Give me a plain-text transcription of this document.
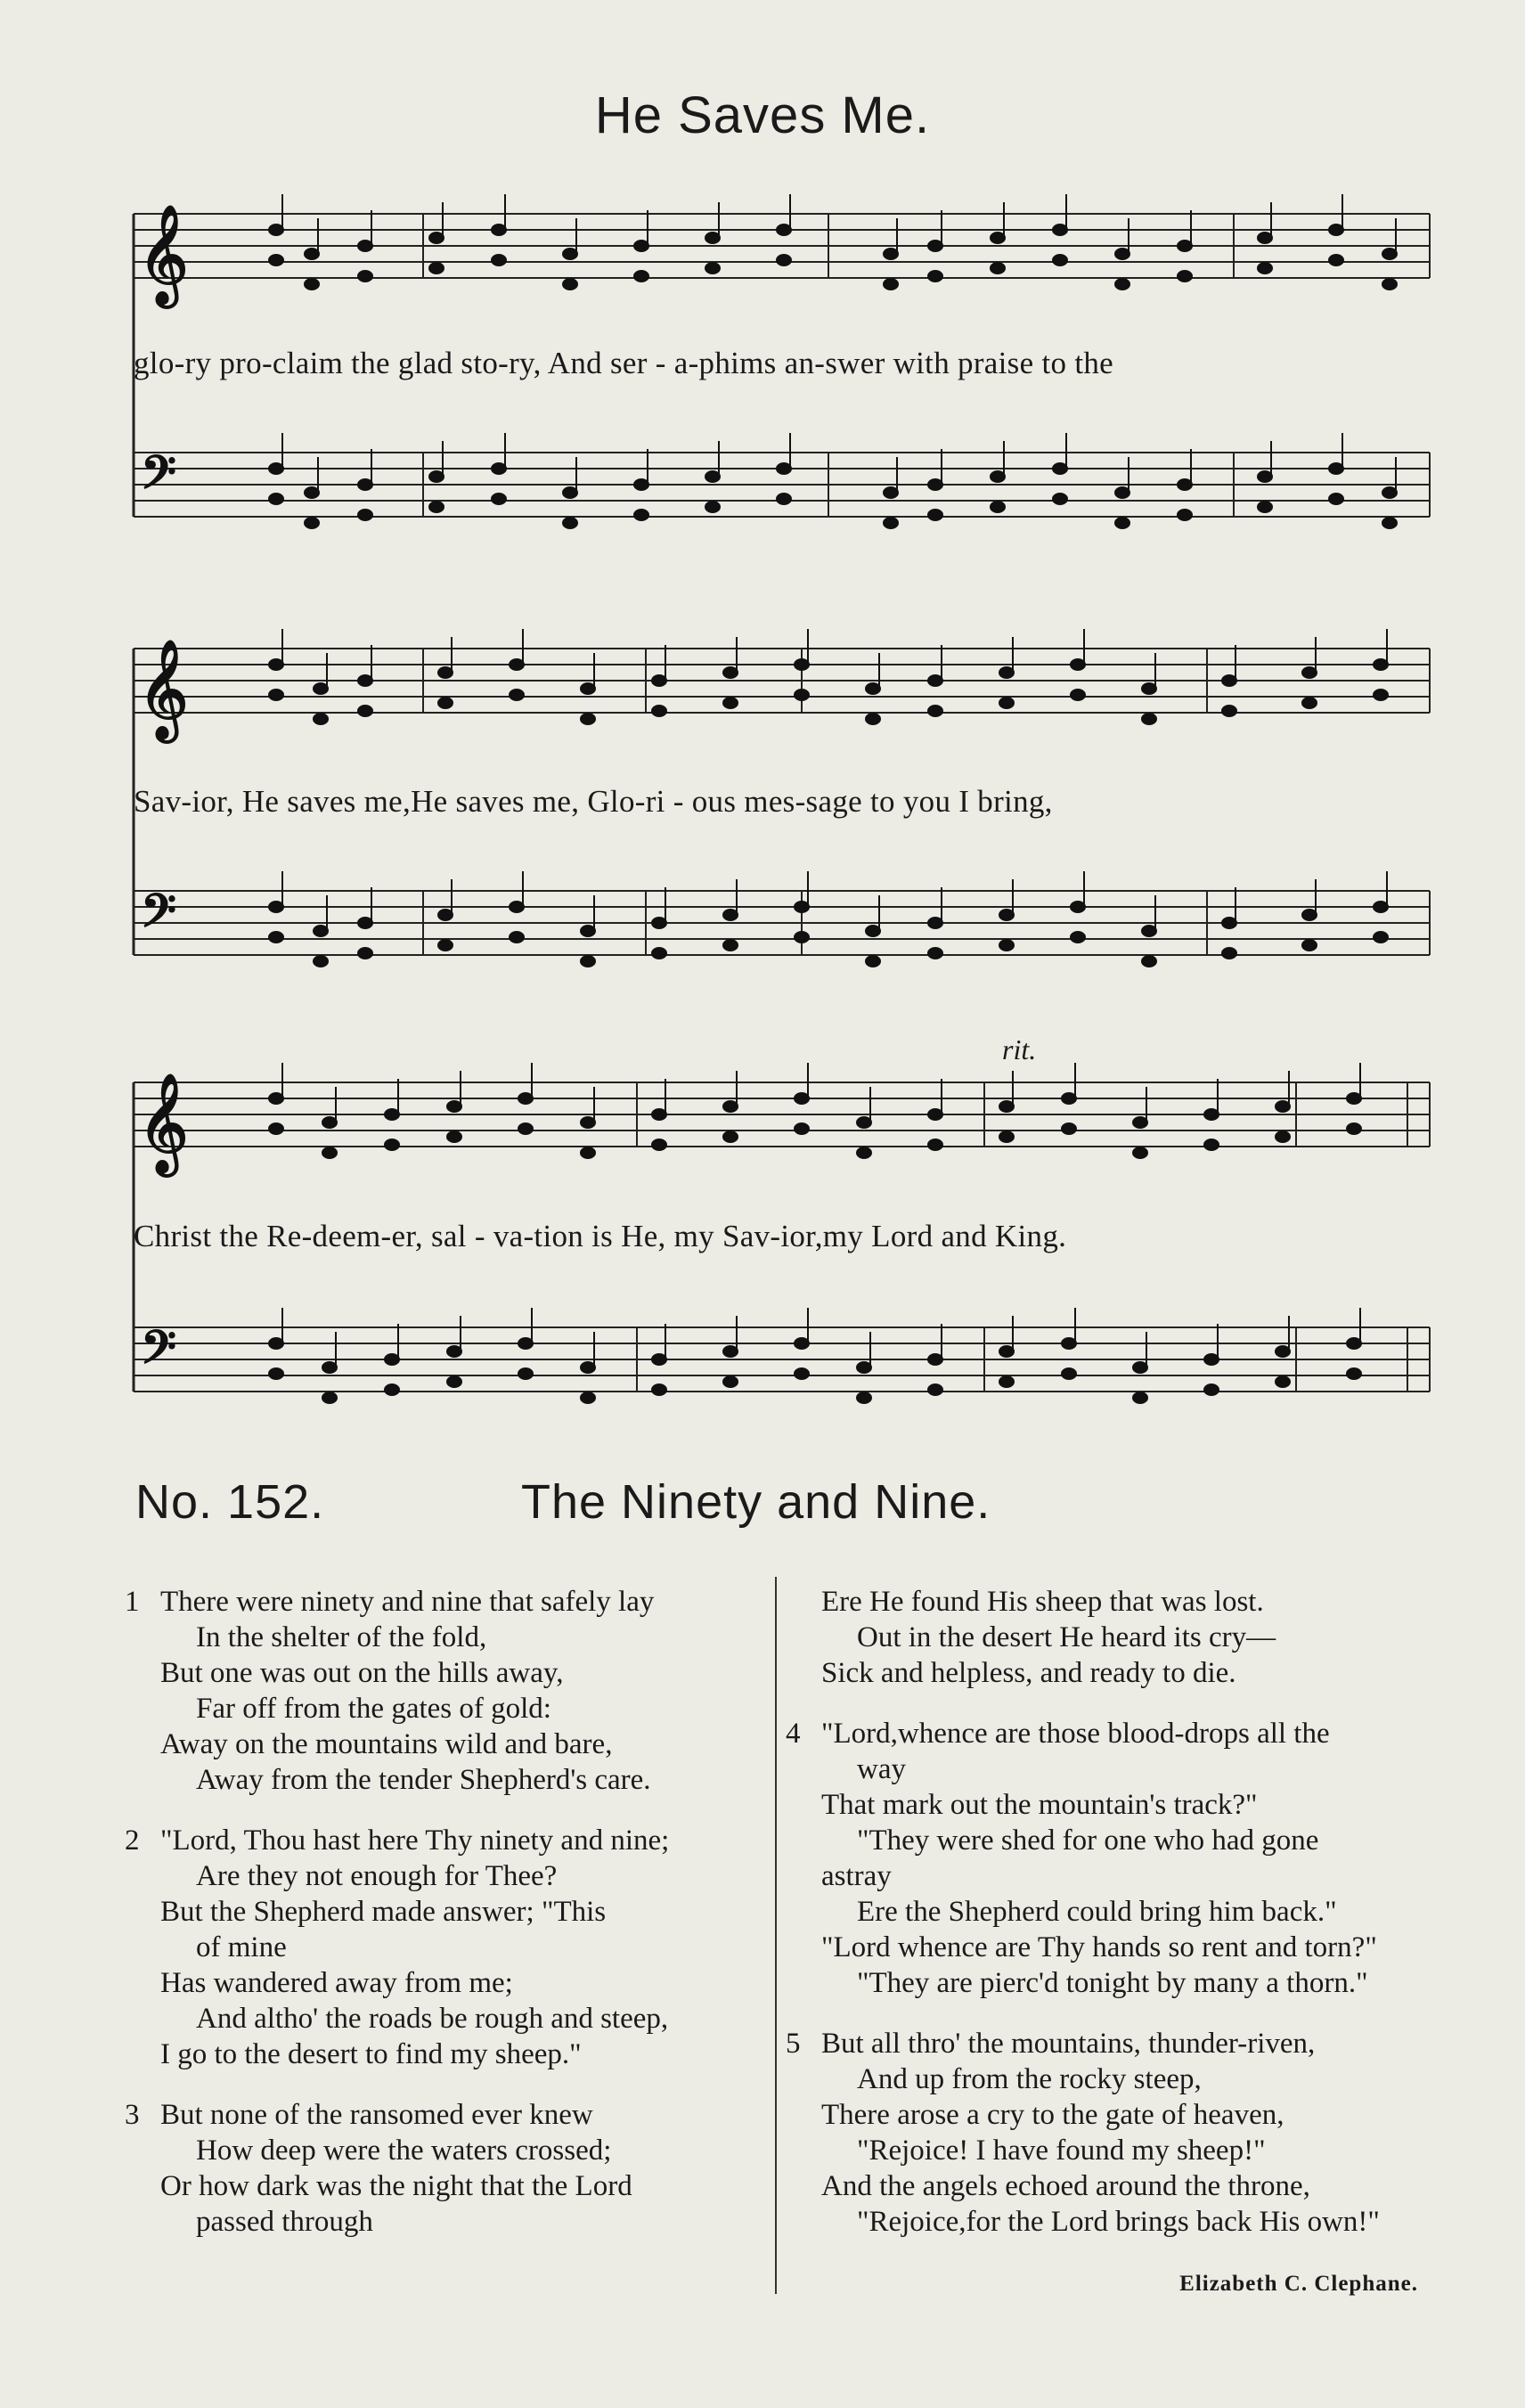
He Saves Me.
𝄞
𝄢
𝄞
𝄢
𝄞
𝄢
glo-ry pro-claim the glad sto-ry, And ser - a-phims an-swer with praise to the
Sav-ior, He saves me,He saves me, Glo-ri - ous mes-sage to you I bring,
Christ the Re-deem-er, sal - va-tion is He, my Sav-ior,my Lord and King.
rit.
No. 152.	The Ninety and Nine.
1 There were ninety and nine that safely lay
In the shelter of the fold,
But one was out on the hills away,
Far off from the gates of gold:
Away on the mountains wild and bare,
Away from the tender Shepherd's care.
2 "Lord, Thou hast here Thy ninety and nine;
Are they not enough for Thee?
But the Shepherd made answer; "This
of mine
Has wandered away from me;
And altho' the roads be rough and steep,
I go to the desert to find my sheep."
3 But none of the ransomed ever knew
How deep were the waters crossed;
Or how dark was the night that the Lord
passed through
Ere He found His sheep that was lost.
Out in the desert He heard its cry—
Sick and helpless, and ready to die.
4 "Lord,whence are those blood-drops all the
way
That mark out the mountain's track?"
"They were shed for one who had gone
astray
Ere the Shepherd could bring him back."
"Lord whence are Thy hands so rent and torn?"
"They are pierc'd tonight by many a thorn."
5 But all thro' the mountains, thunder-riven,
And up from the rocky steep,
There arose a cry to the gate of heaven,
"Rejoice! I have found my sheep!"
And the angels echoed around the throne,
"Rejoice,for the Lord brings back His own!"
Elizabeth C. Clephane.
